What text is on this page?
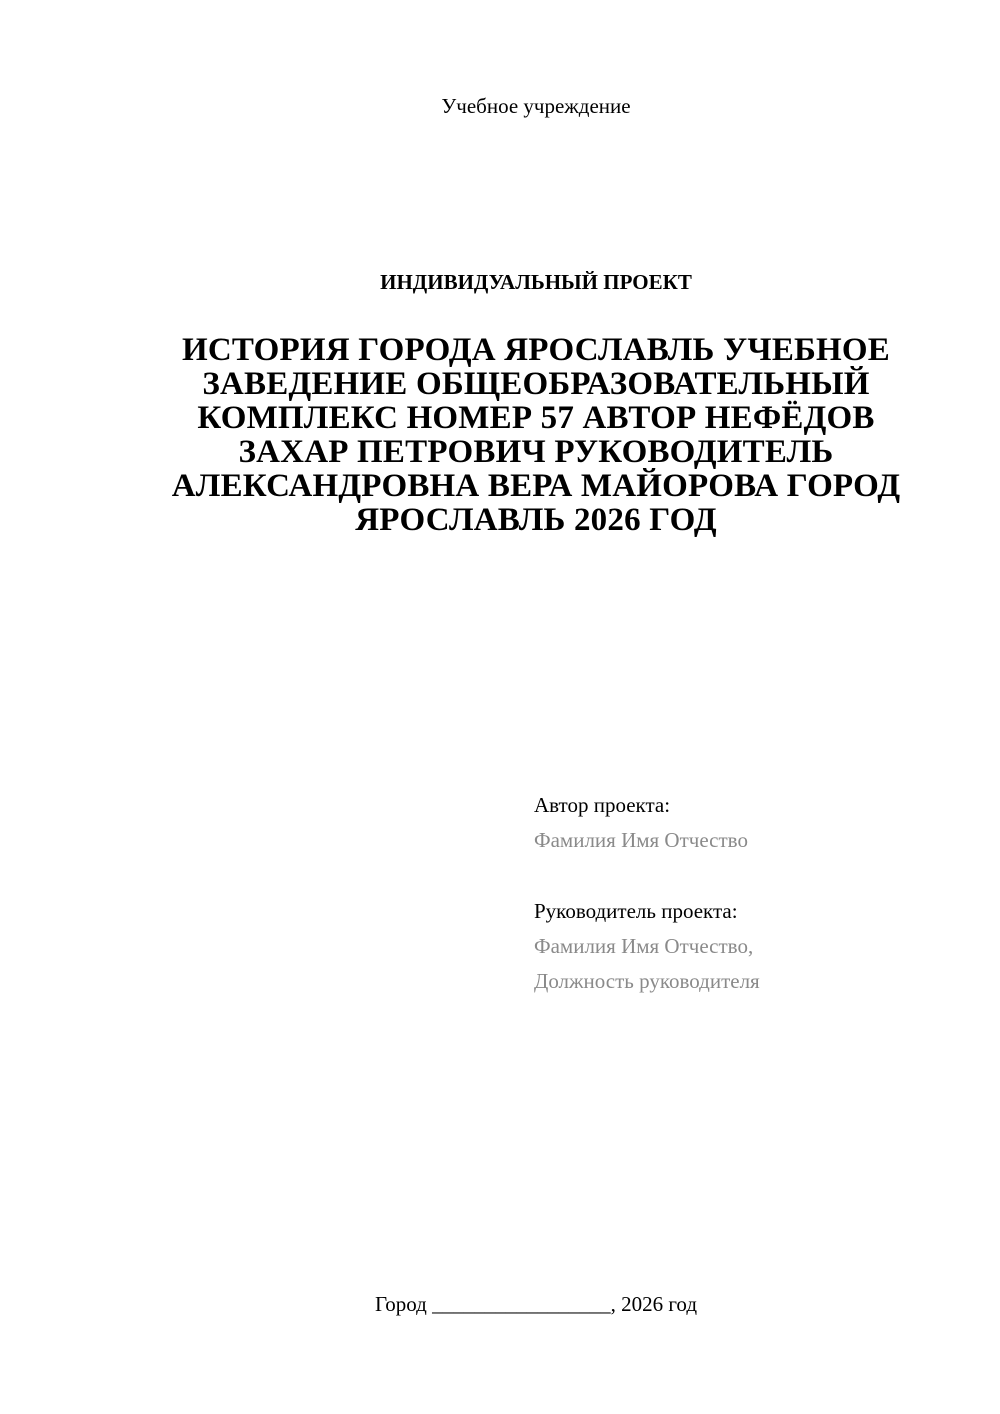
Учебное учреждение
ИНДИВИДУАЛЬНЫЙ ПРОЕКТ
ИСТОРИЯ ГОРОДА ЯРОСЛАВЛЬ УЧЕБНОЕ ЗАВЕДЕНИЕ ОБЩЕОБРАЗОВАТЕЛЬНЫЙ КОМПЛЕКС НОМЕР 57 АВТОР НЕФЁДОВ ЗАХАР ПЕТРОВИЧ РУКОВОДИТЕЛЬ АЛЕКСАНДРОВНА ВЕРА МАЙОРОВА ГОРОД ЯРОСЛАВЛЬ 2026 ГОД
Автор проекта:
Фамилия Имя Отчество
Руководитель проекта:
Фамилия Имя Отчество,
Должность руководителя
Город _________________, 2026 год
